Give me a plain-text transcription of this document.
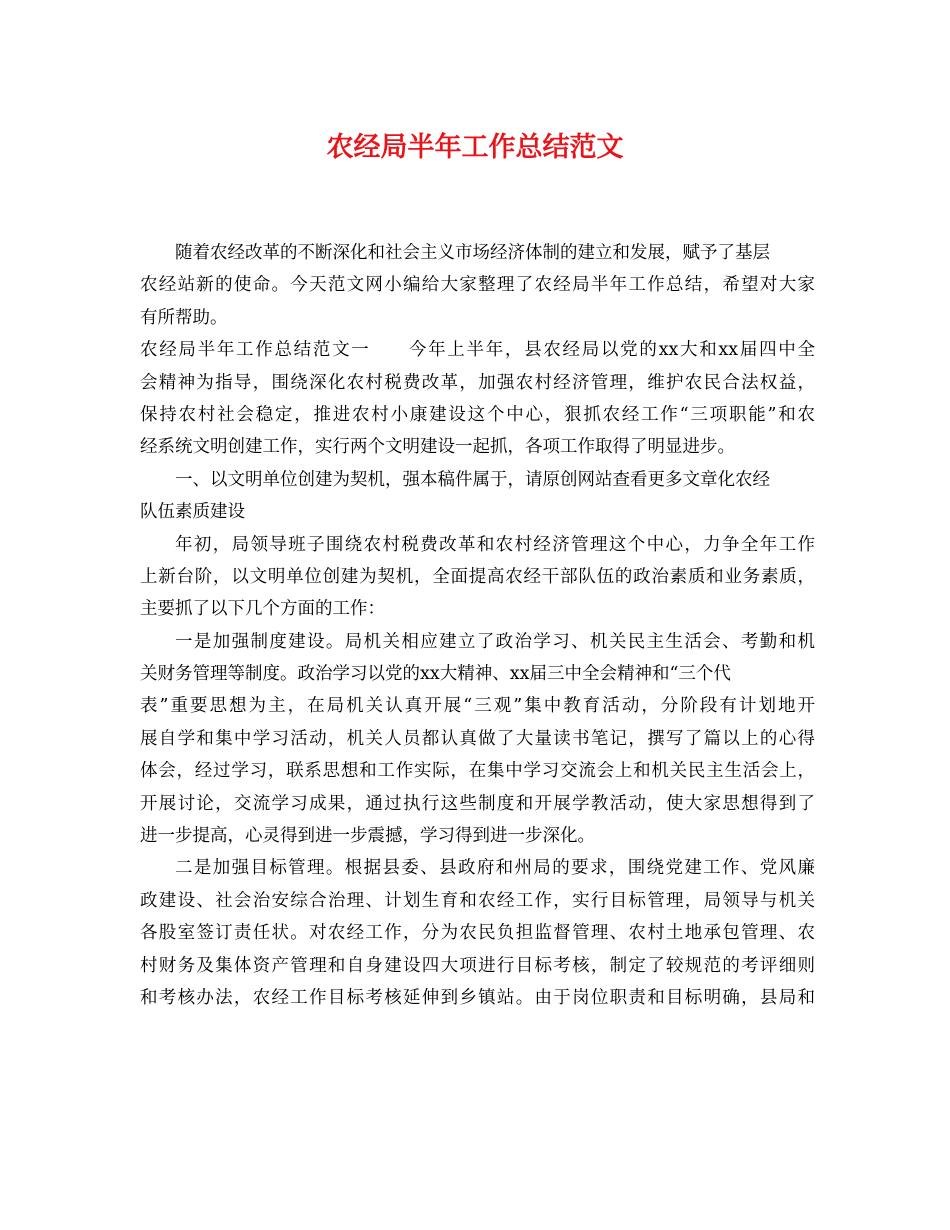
农经局半年工作总结范文
随着农经改革的不断深化和社会主义市场经济体制的建立和发展，赋予了基层
农经站新的使命。今天范文网小编给大家整理了农经局半年工作总结，希望对大家
有所帮助。
农经局半年工作总结范文一　　今年上半年，县农经局以党的xx大和xx届四中全
会精神为指导，围绕深化农村税费改革，加强农村经济管理，维护农民合法权益，
保持农村社会稳定，推进农村小康建设这个中心，狠抓农经工作“三项职能”和农
经系统文明创建工作，实行两个文明建设一起抓，各项工作取得了明显进步。
一、以文明单位创建为契机，强本稿件属于，请原创网站查看更多文章化农经
队伍素质建设
年初，局领导班子围绕农村税费改革和农村经济管理这个中心，力争全年工作
上新台阶，以文明单位创建为契机，全面提高农经干部队伍的政治素质和业务素质，
主要抓了以下几个方面的工作：
一是加强制度建设。局机关相应建立了政治学习、机关民主生活会、考勤和机
关财务管理等制度。政治学习以党的xx大精神、xx届三中全会精神和“三个代
表”重要思想为主，在局机关认真开展“三观”集中教育活动，分阶段有计划地开
展自学和集中学习活动，机关人员都认真做了大量读书笔记，撰写了篇以上的心得
体会，经过学习，联系思想和工作实际，在集中学习交流会上和机关民主生活会上，
开展讨论，交流学习成果，通过执行这些制度和开展学教活动，使大家思想得到了
进一步提高，心灵得到进一步震撼，学习得到进一步深化。
二是加强目标管理。根据县委、县政府和州局的要求，围绕党建工作、党风廉
政建设、社会治安综合治理、计划生育和农经工作，实行目标管理，局领导与机关
各股室签订责任状。对农经工作，分为农民负担监督管理、农村土地承包管理、农
村财务及集体资产管理和自身建设四大项进行目标考核，制定了较规范的考评细则
和考核办法，农经工作目标考核延伸到乡镇站。由于岗位职责和目标明确，县局和
